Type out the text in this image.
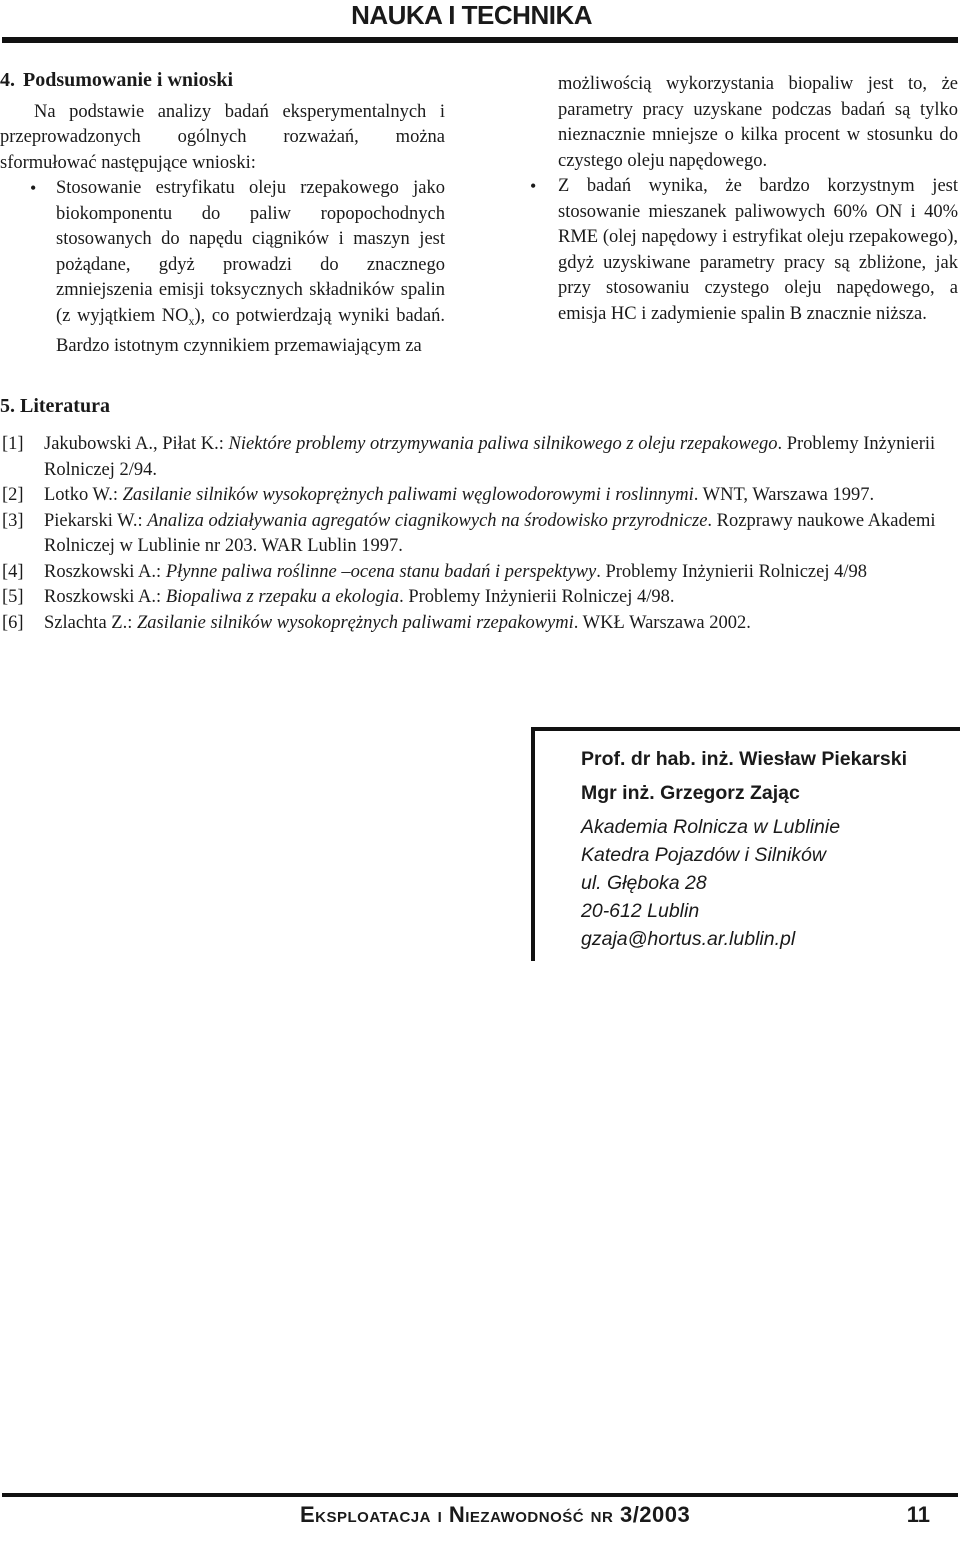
NAUKA I TECHNIKA
4. Podsumowanie i wnioski

Na podstawie analizy badań eksperymentalnych i przeprowadzonych ogólnych rozważań, można sformułować następujące wnioski:

• Stosowanie estryfikatu oleju rzepakowego jako biokomponentu do paliw ropopochodnych stosowanych do napędu ciągników i maszyn jest pożądane, gdyż prowadzi do znacznego zmniejszenia emisji toksycznych składników spalin (z wyjątkiem $NO_x$), co potwierdzają wyniki badań. Bardzo istotnym czynnikiem przemawiającym za

możliwością wykorzystania biopaliw jest to, że parametry pracy uzyskane podczas badań są tylko nieznacznie mniejsze o kilka procent w stosunku do czystego oleju napędowego.

• Z badań wynika, że bardzo korzystnym jest stosowanie mieszanek paliwowych 60% ON i 40% RME (olej napędowy i estryfikat oleju rzepakowego), gdyż uzyskiwane parametry pracy są zbliżone, jak przy stosowaniu czystego oleju napędowego, a emisja HC i zadymienie spalin B znacznie niższa.

5. Literatura

[1] Jakubowski A., Piłat K.: Niektóre problemy otrzymywania paliwa silnikowego z oleju rzepakowego. Problemy Inżynierii Rolniczej 2/94.

[2] Lotko W.: Zasilanie silników wysokoprężnych paliwami węglowodorowymi i roslinnymi. WNT, Warszawa 1997.

[3] Piekarski W.: Analiza odziaływania agregatów ciagnikowych na środowisko przyrodnicze. Rozprawy naukowe Akademi Rolniczej w Lublinie nr 203. WAR Lublin 1997.

[4] Roszkowski A.: Płynne paliwa roślinne –ocena stanu badań i perspektywy. Problemy Inżynierii Rolniczej 4/98

[5] Roszkowski A.: Biopaliwa z rzepaku a ekologia. Problemy Inżynierii Rolniczej 4/98.

[6] Szlachta Z.: Zasilanie silników wysokoprężnych paliwami rzepakowymi. WKŁ Warszawa 2002.

Prof. dr hab. inż. Wiesław Piekarski
Mgr inż. Grzegorz Zając
Akademia Rolnicza w Lublinie
Katedra Pojazdów i Silników
ul. Głęboka 28
20-612 Lublin
gzaja@hortus.ar.lublin.pl
Eksploatacja i Niezawodność nr 3/2003	11
